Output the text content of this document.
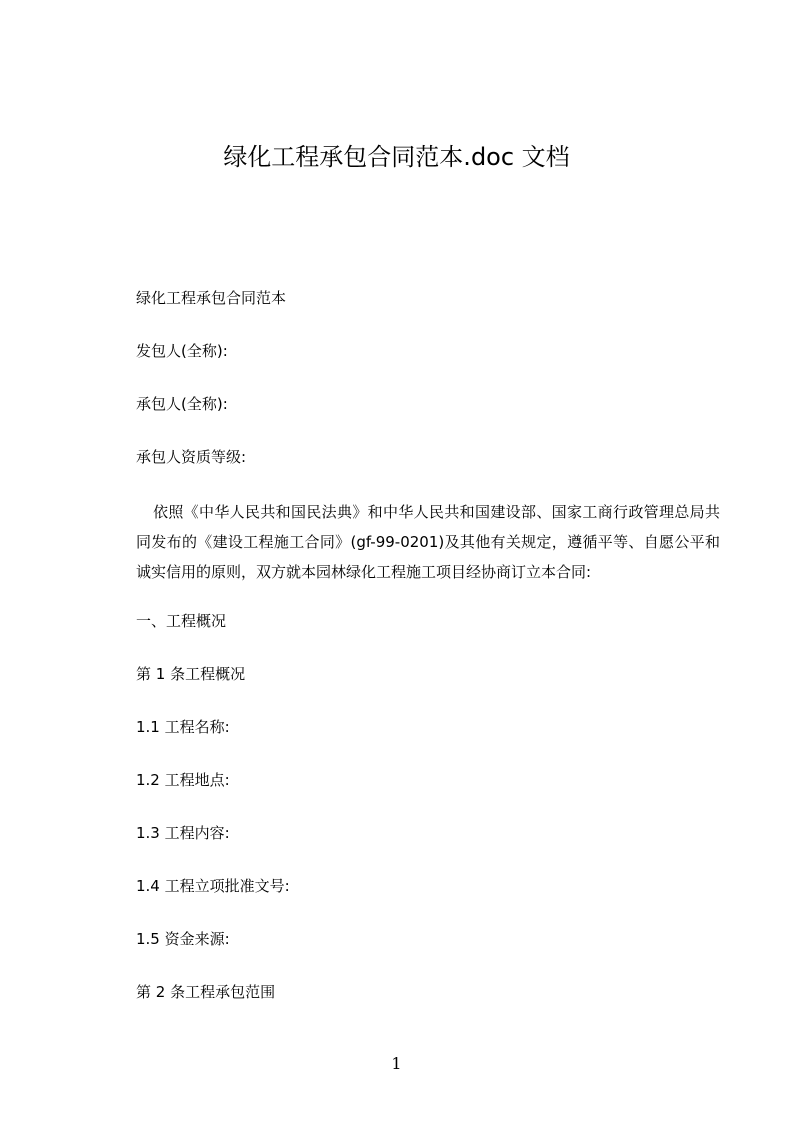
绿化工程承包合同范本.doc 文档
绿化工程承包合同范本
发包人(全称):
承包人(全称):
承包人资质等级:
依照《中华人民共和国民法典》和中华人民共和国建设部、国家工商行政管理总局共同发布的《建设工程施工合同》(gf-99-0201)及其他有关规定，遵循平等、自愿公平和诚实信用的原则，双方就本园林绿化工程施工项目经协商订立本合同:
一、工程概况
第 1 条工程概况
1.1 工程名称:
1.2 工程地点:
1.3 工程内容:
1.4 工程立项批准文号:
1.5 资金来源:
第 2 条工程承包范围
1
